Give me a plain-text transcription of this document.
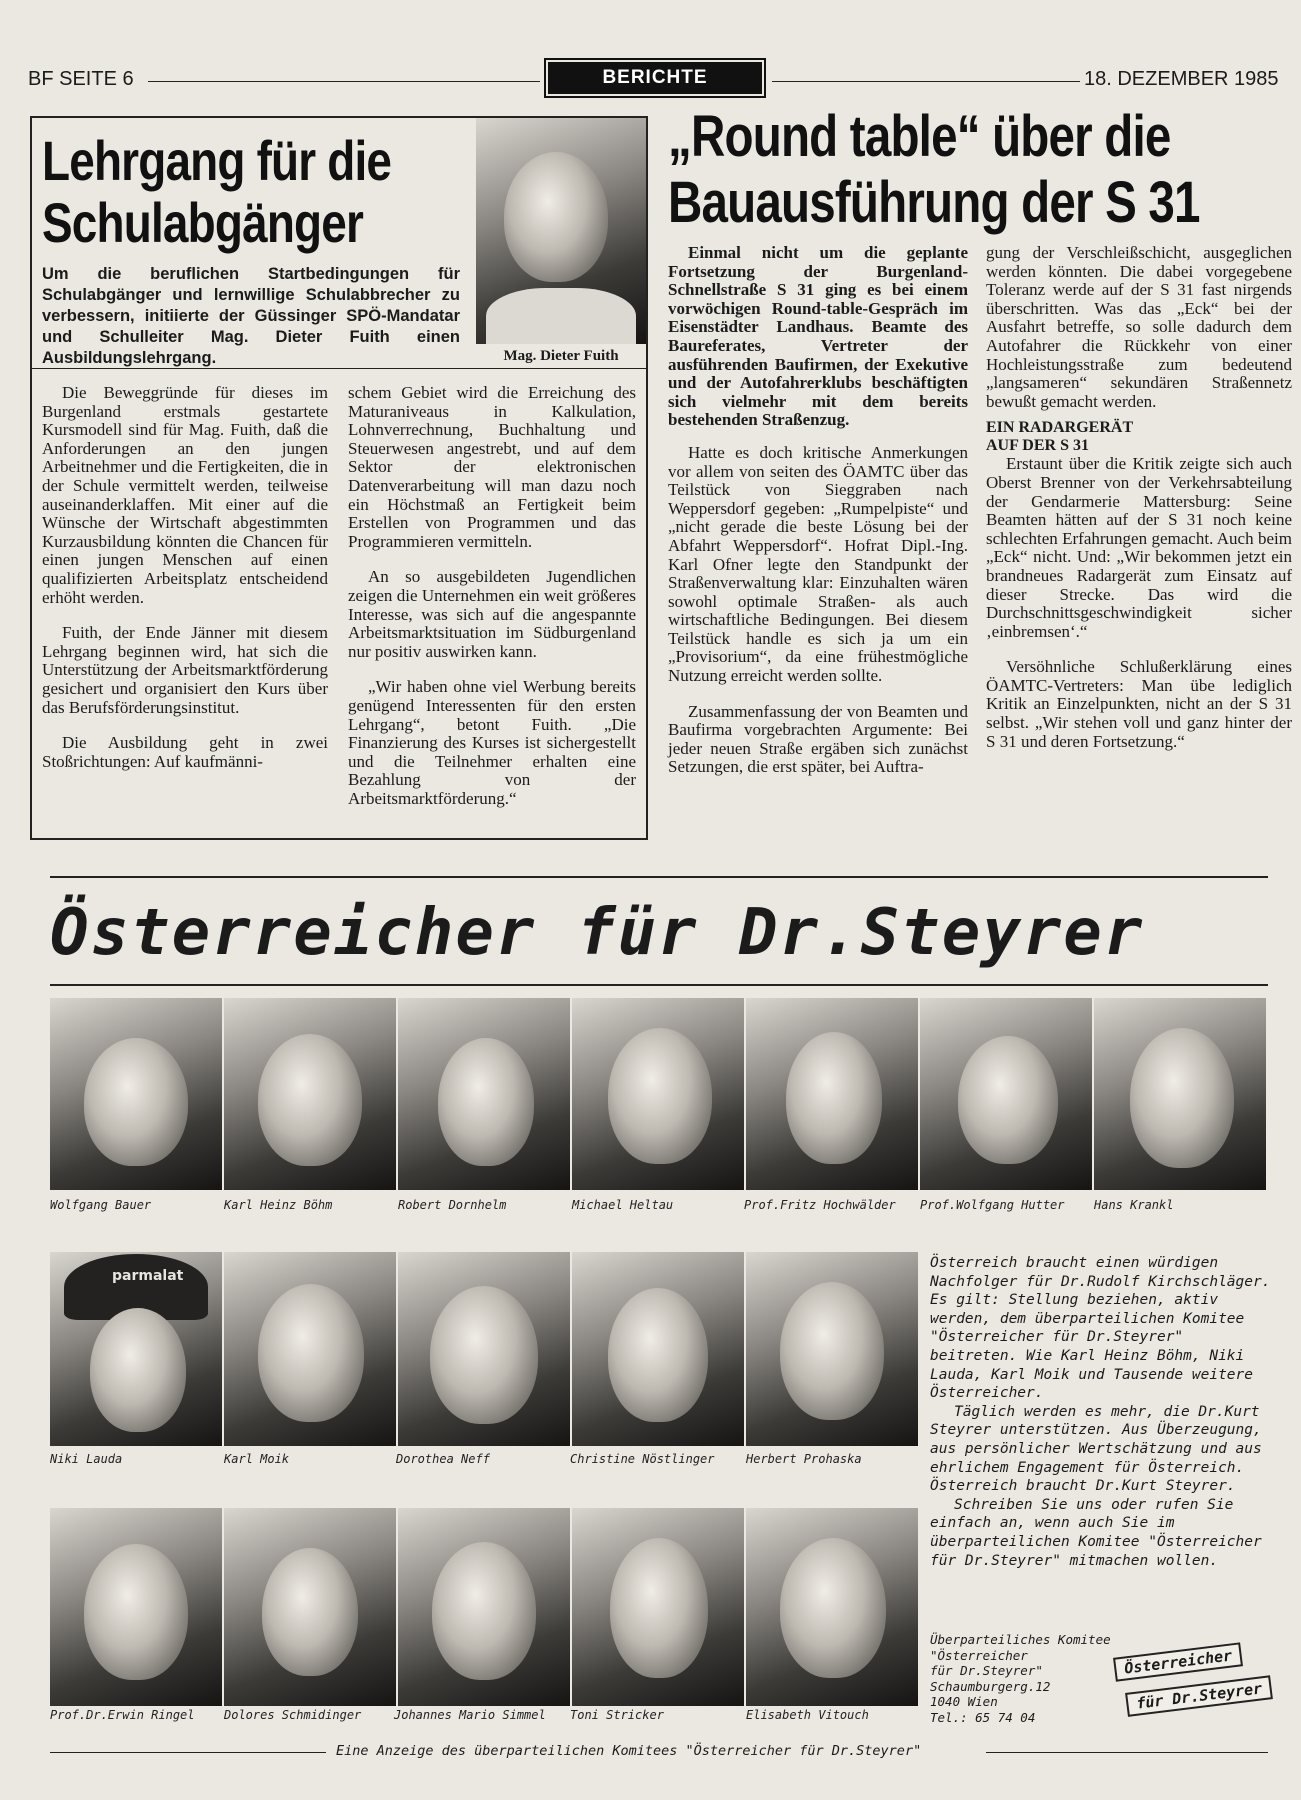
BF SEITE 6	BERICHTE	18. DEZEMBER 1985
Lehrgang für die
Schulabgänger
Um die beruflichen Startbedingungen für Schulabgänger und lernwillige Schulabbrecher zu verbessern, initiierte der Güssinger SPÖ-Mandatar und Schulleiter Mag. Dieter Fuith einen Ausbildungslehrgang.	Mag. Dieter Fuith

Die Beweggründe für dieses im Burgenland erstmals gestartete Kursmodell sind für Mag. Fuith, daß die Anforderungen an den jungen Arbeitnehmer und die Fertigkeiten, die in der Schule vermittelt werden, teilweise auseinanderklaffen. Mit einer auf die Wünsche der Wirtschaft abgestimmten Kurzausbildung könnten die Chancen für einen jungen Menschen auf einen qualifizierten Arbeitsplatz entscheidend erhöht werden.

Fuith, der Ende Jänner mit diesem Lehrgang beginnen wird, hat sich die Unterstützung der Arbeitsmarktförderung gesichert und organisiert den Kurs über das Berufsförderungsinstitut.

Die Ausbildung geht in zwei Stoßrichtungen: Auf kaufmänni-

schem Gebiet wird die Erreichung des Maturaniveaus in Kalkulation, Lohnverrechnung, Buchhaltung und Steuerwesen angestrebt, und auf dem Sektor der elektronischen Datenverarbeitung will man dazu noch ein Höchstmaß an Fertigkeit beim Erstellen von Programmen und das Programmieren vermitteln.

An so ausgebildeten Jugendlichen zeigen die Unternehmen ein weit größeres Interesse, was sich auf die angespannte Arbeitsmarktsituation im Südburgenland nur positiv auswirken kann.

„Wir haben ohne viel Werbung bereits genügend Interessenten für den ersten Lehrgang“, betont Fuith. „Die Finanzierung des Kurses ist sichergestellt und die Teilnehmer erhalten eine Bezahlung von der Arbeitsmarktförderung.“

„Round table“ über die
Bauausführung der S 31

Einmal nicht um die geplante Fortsetzung der Burgenland-Schnellstraße S 31 ging es bei einem vorwöchigen Round-table-Gespräch im Eisenstädter Landhaus. Beamte des Baureferates, Vertreter der ausführenden Baufirmen, der Exekutive und der Autofahrerklubs beschäftigten sich vielmehr mit dem bereits bestehenden Straßenzug.

Hatte es doch kritische Anmerkungen vor allem von seiten des ÖAMTC über das Teilstück von Sieggraben nach Weppersdorf gegeben: „Rumpelpiste“ und „nicht gerade die beste Lösung bei der Abfahrt Weppersdorf“. Hofrat Dipl.-Ing. Karl Ofner legte den Standpunkt der Straßenverwaltung klar: Einzuhalten wären sowohl optimale Straßen- als auch wirtschaftliche Bedingungen. Bei diesem Teilstück handle es sich ja um ein „Provisorium“, da eine frühestmögliche Nutzung erreicht werden sollte.

Zusammenfassung der von Beamten und Baufirma vorgebrachten Argumente: Bei jeder neuen Straße ergäben sich zunächst Setzungen, die erst später, bei Auftra-

gung der Verschleißschicht, ausgeglichen werden könnten. Die dabei vorgegebene Toleranz werde auf der S 31 fast nirgends überschritten. Was das „Eck“ bei der Ausfahrt betreffe, so solle dadurch dem Autofahrer die Rückkehr von einer Hochleistungsstraße zum bedeutend „langsameren“ sekundären Straßennetz bewußt gemacht werden.

EIN RADARGERÄT
AUF DER S 31

Erstaunt über die Kritik zeigte sich auch Oberst Brenner von der Verkehrsabteilung der Gendarmerie Mattersburg: Seine Beamten hätten auf der S 31 noch keine schlechten Erfahrungen gemacht. Auch beim „Eck“ nicht. Und: „Wir bekommen jetzt ein brandneues Radargerät zum Einsatz auf dieser Strecke. Das wird die Durchschnittsgeschwindigkeit sicher ‚einbremsen‘.“

Versöhnliche Schlußerklärung eines ÖAMTC-Vertreters: Man übe lediglich Kritik an Einzelpunkten, nicht an der S 31 selbst. „Wir stehen voll und ganz hinter der S 31 und deren Fortsetzung.“

Österreicher für Dr.Steyrer
Wolfgang Bauer	Karl Heinz Böhm	Robert Dornhelm	Michael Heltau	Prof.Fritz Hochwälder Prof.Wolfgang Hutter Hans Krankl
parmalat
Niki Lauda	Karl Moik	Dorothea Neff	Christine Nöstlinger	Herbert Prohaska

Österreich braucht einen würdigen Nachfolger für Dr.Rudolf Kirchschläger. Es gilt: Stellung beziehen, aktiv werden, dem überparteilichen Komitee "Österreicher für Dr.Steyrer" beitreten. Wie Karl Heinz Böhm, Niki Lauda, Karl Moik und Tausende weitere Österreicher.

Täglich werden es mehr, die Dr.Kurt Steyrer unterstützen. Aus Überzeugung, aus persönlicher Wertschätzung und aus ehrlichem Engagement für Österreich. Österreich braucht Dr.Kurt Steyrer.

Schreiben Sie uns oder rufen Sie einfach an, wenn auch Sie im überparteilichen Komitee "Österreicher für Dr.Steyrer" mitmachen wollen.

Prof.Dr.Erwin Ringel Dolores Schmidinger	Johannes Mario Simmel Toni Stricker	Elisabeth Vitouch
Überparteiliches Komitee
"Österreicher
für Dr.Steyrer"
Schaumburgerg.12
1040 Wien
Tel.: 65 74 04
Österreicher
für Dr.Steyrer
Eine Anzeige des überparteilichen Komitees "Österreicher für Dr.Steyrer"
